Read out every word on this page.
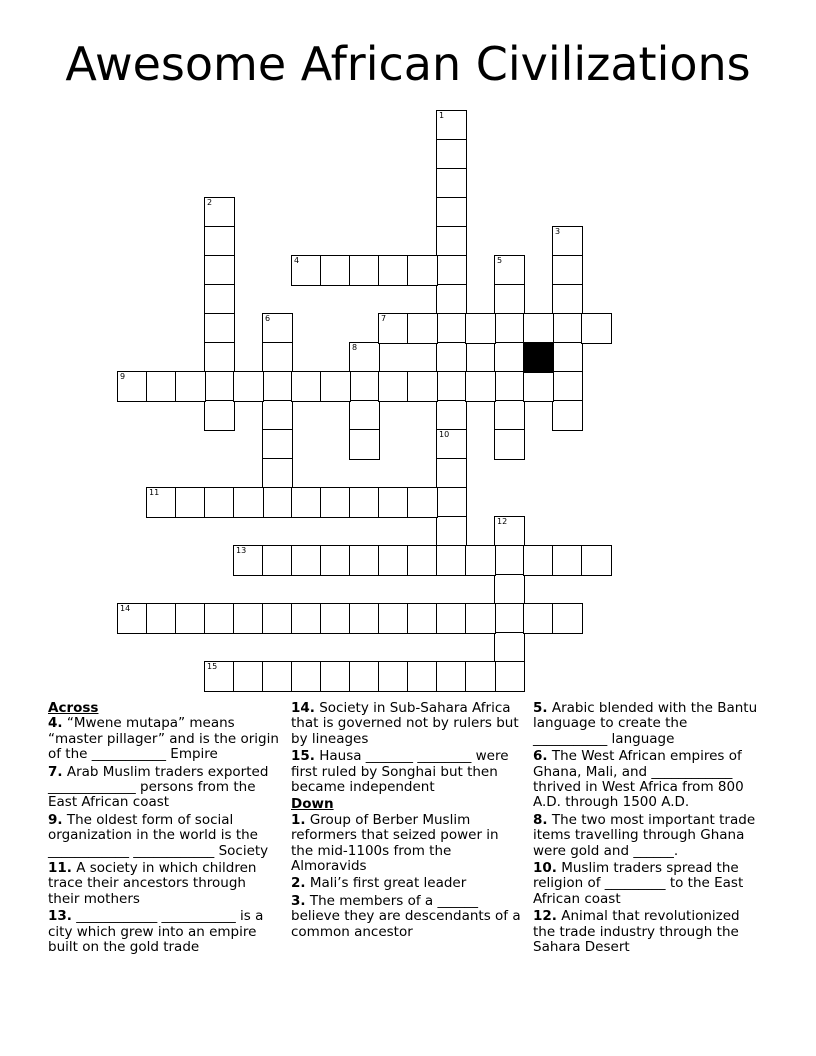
Awesome African Civilizations
1
2
3
5
6
8
10
12
4
7
9
11
13
14
15
Across
4. “Mwene mutapa” means “master pillager” and is the origin of the ___________ Empire
7. Arab Muslim traders exported _____________ persons from the East African coast
9. The oldest form of social organization in the world is the ____________ ____________ Society
11. A society in which children trace their ancestors through their mothers
13. ____________ ___________ is a city which grew into an empire built on the gold trade
14. Society in Sub-Sahara Africa that is governed not by rulers but by lineages
15. Hausa _______ ________ were first ruled by Songhai but then became independent
Down
1. Group of Berber Muslim reformers that seized power in the mid-1100s from the Almoravids
2. Mali’s first great leader
3. The members of a ______ believe they are descendants of a common ancestor
5. Arabic blended with the Bantu language to create the ___________ language
6. The West African empires of Ghana, Mali, and ____________ thrived in West Africa from 800 A.D. through 1500 A.D.
8. The two most important trade items travelling through Ghana were gold and ______.
10. Muslim traders spread the religion of _________ to the East African coast
12. Animal that revolutionized the trade industry through the Sahara Desert
